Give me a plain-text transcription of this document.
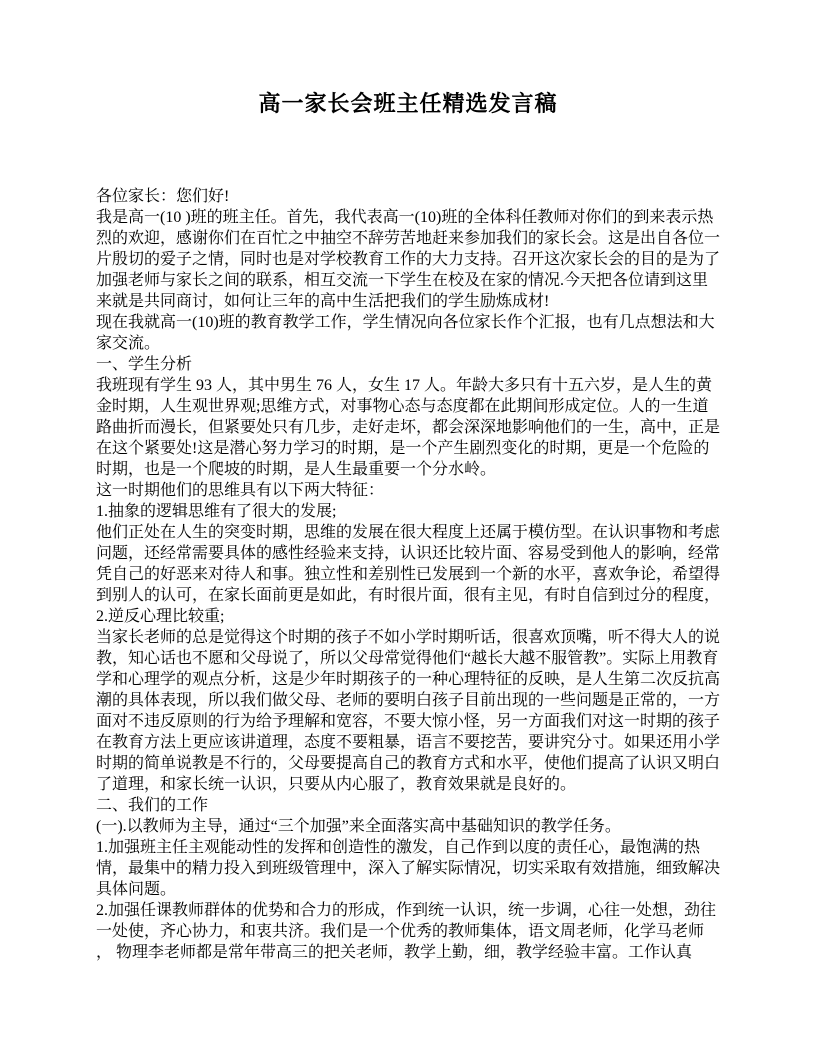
高一家长会班主任精选发言稿

各位家长：您们好!

我是高一(10 )班的班主任。首先，我代表高一(10)班的全体科任教师对你们的到来表示热烈的欢迎，感谢你们在百忙之中抽空不辞劳苦地赶来参加我们的家长会。这是出自各位一片殷切的爱子之情，同时也是对学校教育工作的大力支持。召开这次家长会的目的是为了加强老师与家长之间的联系，相互交流一下学生在校及在家的情况.今天把各位请到这里来就是共同商讨，如何让三年的高中生活把我们的学生励炼成材!

现在我就高一(10)班的教育教学工作，学生情况向各位家长作个汇报，也有几点想法和大家交流。

一、学生分析

我班现有学生 93 人，其中男生 76 人，女生 17 人。年龄大多只有十五六岁，是人生的黄金时期，人生观世界观;思维方式，对事物心态与态度都在此期间形成定位。人的一生道路曲折而漫长，但紧要处只有几步，走好走坏，都会深深地影响他们的一生，高中，正是在这个紧要处!这是潜心努力学习的时期，是一个产生剧烈变化的时期，更是一个危险的时期，也是一个爬坡的时期，是人生最重要一个分水岭。

这一时期他们的思维具有以下两大特征：

1.抽象的逻辑思维有了很大的发展;

他们正处在人生的突变时期，思维的发展在很大程度上还属于模仿型。在认识事物和考虑问题，还经常需要具体的感性经验来支持，认识还比较片面、容易受到他人的影响，经常凭自己的好恶来对待人和事。独立性和差别性已发展到一个新的水平，喜欢争论，希望得到别人的认可，在家长面前更是如此，有时很片面，很有主见，有时自信到过分的程度，

2.逆反心理比较重;

当家长老师的总是觉得这个时期的孩子不如小学时期听话，很喜欢顶嘴，听不得大人的说教，知心话也不愿和父母说了，所以父母常觉得他们“越长大越不服管教”。实际上用教育学和心理学的观点分析，这是少年时期孩子的一种心理特征的反映，是人生第二次反抗高潮的具体表现，所以我们做父母、老师的要明白孩子目前出现的一些问题是正常的，一方面对不违反原则的行为给予理解和宽容，不要大惊小怪，另一方面我们对这一时期的孩子在教育方法上更应该讲道理，态度不要粗暴，语言不要挖苦，要讲究分寸。如果还用小学时期的简单说教是不行的，父母要提高自己的教育方式和水平，使他们提高了认识又明白了道理，和家长统一认识，只要从内心服了，教育效果就是良好的。

二、我们的工作

(一).以教师为主导，通过“三个加强”来全面落实高中基础知识的教学任务。

1.加强班主任主观能动性的发挥和创造性的激发，自己作到以度的责任心，最饱满的热情，最集中的精力投入到班级管理中，深入了解实际情况，切实采取有效措施，细致解决具体问题。

2.加强任课教师群体的优势和合力的形成，作到统一认识，统一步调，心往一处想，劲往一处使，齐心协力，和衷共济。我们是一个优秀的教师集体，语文周老师，化学马老师 ， 物理李老师都是常年带高三的把关老师，教学上勤，细，教学经验丰富。工作认真
